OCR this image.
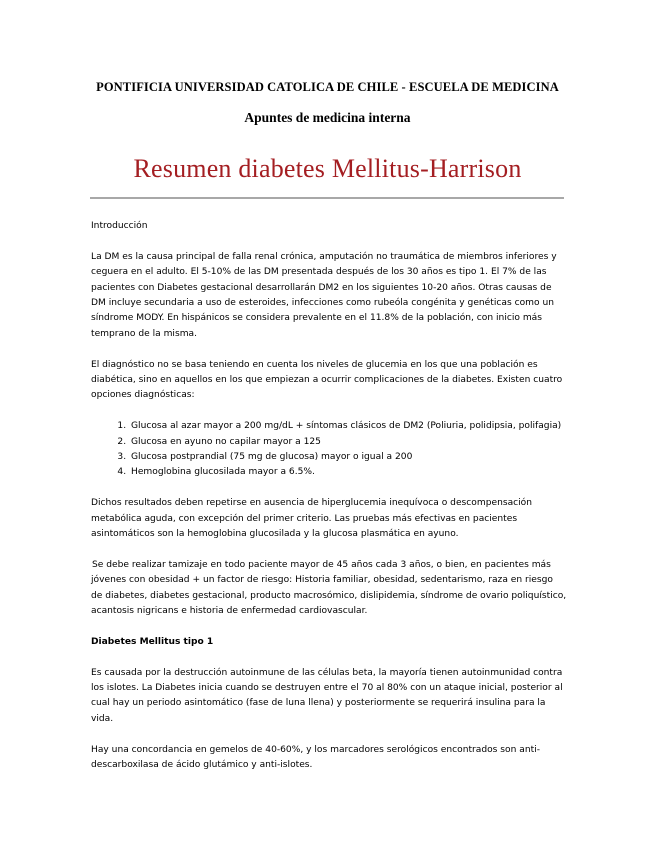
PONTIFICIA UNIVERSIDAD CATOLICA DE CHILE - ESCUELA DE MEDICINA
Apuntes de medicina interna
Resumen diabetes Mellitus-Harrison

Introducción

La DM es la causa principal de falla renal crónica, amputación no traumática de miembros inferiores y ceguera en el adulto. El 5-10% de las DM presentada después de los 30 años es tipo 1. El 7% de las pacientes con Diabetes gestacional desarrollarán DM2 en los siguientes 10-20 años. Otras causas de DM incluye secundaria a uso de esteroides, infecciones como rubeóla congénita y genéticas como un síndrome MODY. En hispánicos se considera prevalente en el 11.8% de la población, con inicio más temprano de la misma.

El diagnóstico no se basa teniendo en cuenta los niveles de glucemia en los que una población es diabética, sino en aquellos en los que empiezan a ocurrir complicaciones de la diabetes. Existen cuatro opciones diagnósticas:

1. Glucosa al azar mayor a 200 mg/dL + síntomas clásicos de DM2 (Poliuria, polidipsia, polifagia)
2. Glucosa en ayuno no capilar mayor a 125
3. Glucosa postprandial (75 mg de glucosa) mayor o igual a 200
4. Hemoglobina glucosilada mayor a 6.5%.

Dichos resultados deben repetirse en ausencia de hiperglucemia inequívoca o descompensación metabólica aguda, con excepción del primer criterio. Las pruebas más efectivas en pacientes asintomáticos son la hemoglobina glucosilada y la glucosa plasmática en ayuno.

Se debe realizar tamizaje en todo paciente mayor de 45 años cada 3 años, o bien, en pacientes más jóvenes con obesidad + un factor de riesgo: Historia familiar, obesidad, sedentarismo, raza en riesgo de diabetes, diabetes gestacional, producto macrosómico, dislipidemia, síndrome de ovario poliquístico, acantosis nigricans e historia de enfermedad cardiovascular.

Diabetes Mellitus tipo 1

Es causada por la destrucción autoinmune de las células beta, la mayoría tienen autoinmunidad contra los islotes. La Diabetes inicia cuando se destruyen entre el 70 al 80% con un ataque inicial, posterior al cual hay un periodo asintomático (fase de luna llena) y posteriormente se requerirá insulina para la vida.

Hay una concordancia en gemelos de 40-60%, y los marcadores serológicos encontrados son anti-descarboxilasa de ácido glutámico y anti-islotes.
